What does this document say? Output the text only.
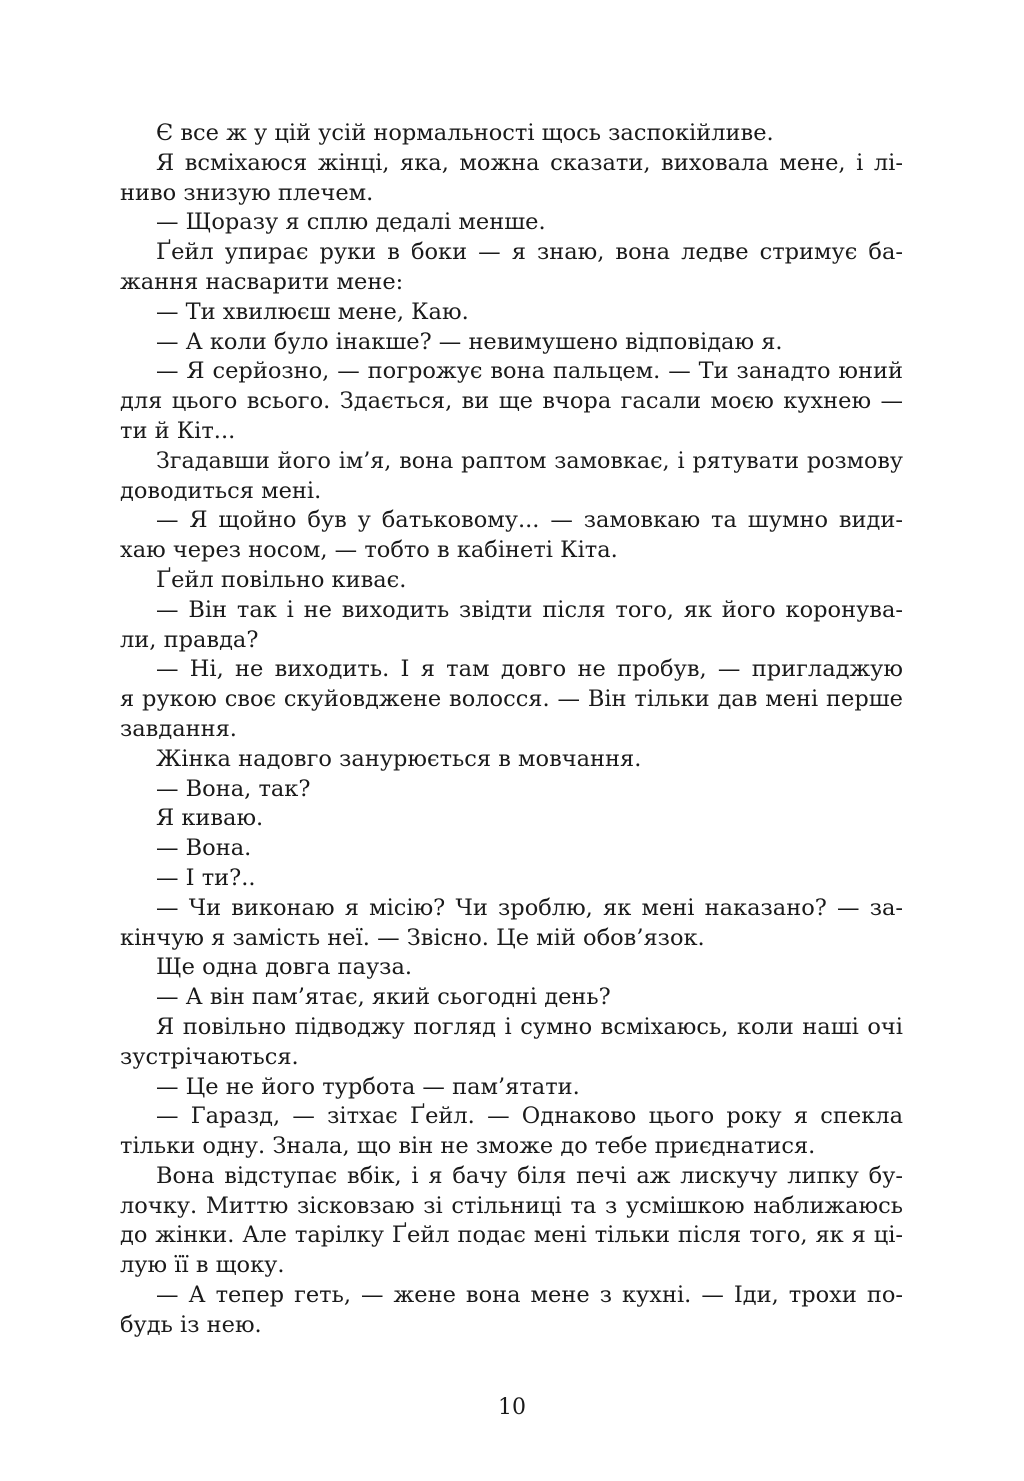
Є все ж у цій усій нормальності щось заспокійливе.
Я всміхаюся жінці, яка, можна сказати, виховала мене, і лі-
ниво знизую плечем.
— Щоразу я сплю дедалі менше.
Ґейл упирає руки в боки — я знаю, вона ледве стримує ба-
жання насварити мене:
— Ти хвилюєш мене, Каю.
— А коли було інакше? — невимушено відповідаю я.
— Я серйозно, — погрожує вона пальцем. — Ти занадто юний
для цього всього. Здається, ви ще вчора гасали моєю кухнею —
ти й Кіт...
Згадавши його ім’я, вона раптом замовкає, і рятувати розмову
доводиться мені.
— Я щойно був у батьковому... — замовкаю та шумно види-
хаю через носом, — тобто в кабінеті Кіта.
Ґейл повільно киває.
— Він так і не виходить звідти після того, як його коронува-
ли, правда?
— Ні, не виходить. І я там довго не пробув, — пригладжую
я рукою своє скуйовджене волосся. — Він тільки дав мені перше
завдання.
Жінка надовго занурюється в мовчання.
— Вона, так?
Я киваю.
— Вона.
— І ти?..
— Чи виконаю я місію? Чи зроблю, як мені наказано? — за-
кінчую я замість неї. — Звісно. Це мій обов’язок.
Ще одна довга пауза.
— А він пам’ятає, який сьогодні день?
Я повільно підводжу погляд і сумно всміхаюсь, коли наші очі
зустрічаються.
— Це не його турбота — пам’ятати.
— Гаразд, — зітхає Ґейл. — Однаково цього року я спекла
тільки одну. Знала, що він не зможе до тебе приєднатися.
Вона відступає вбік, і я бачу біля печі аж лискучу липку бу-
лочку. Миттю зісковзаю зі стільниці та з усмішкою наближаюсь
до жінки. Але тарілку Ґейл подає мені тільки після того, як я ці-
лую її в щоку.
— А тепер геть, — жене вона мене з кухні. — Іди, трохи по-
будь із нею.
10
